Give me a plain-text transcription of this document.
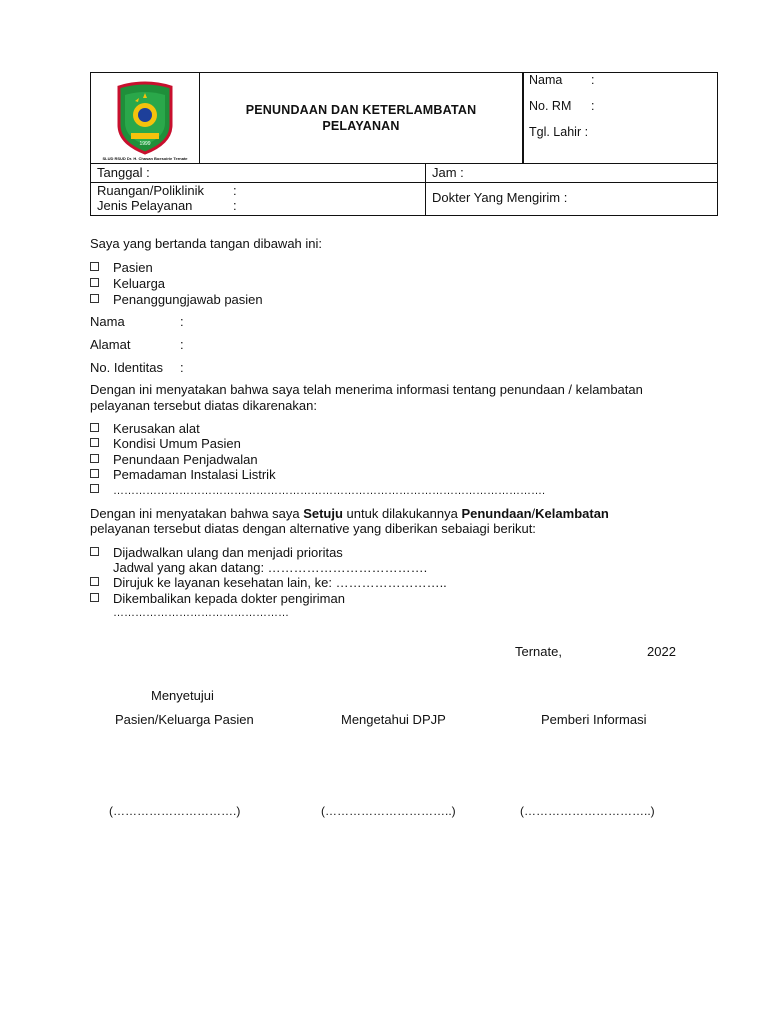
1999
SLUD RSUD Dr. H. Chasan Boesoirie Ternate
PENUNDAAN DAN KETERLAMBATAN PELAYANAN
Nama :
No. RM :
Tgl. Lahir :
Tanggal :	Jam :
Ruangan/Poliklinik :
Jenis Pelayanan	:
Dokter Yang Mengirim :
Saya yang bertanda tangan dibawah ini:
Pasien
Keluarga
Penanggungjawab pasien
Nama	:
Alamat	:
No. Identitas :
Dengan ini menyatakan bahwa saya telah menerima informasi tentang penundaan / kelambatan
pelayanan tersebut diatas dikarenakan:
Kerusakan alat
Kondisi Umum Pasien
Penundaan Penjadwalan
Pemadaman Instalasi Listrik
……………………………………………………………………………………………………….
Dengan ini menyatakan bahwa saya Setuju untuk dilakukannya Penundaan/Kelambatan
pelayanan tersebut diatas dengan alternative yang diberikan sebaiagi berikut:
Dijadwalkan ulang dan menjadi prioritas
Jadwal yang akan datang: ……………………………….
Dirujuk ke layanan kesehatan lain, ke: ……………………..
Dikembalikan kepada dokter pengiriman
…………………………………………
Ternate,	2022
Menyetujui
Pasien/Keluarga Pasien	Mengetahui DPJP	Pemberi Informasi
(………………………….)	(…………………………..)	(…………………………..)
